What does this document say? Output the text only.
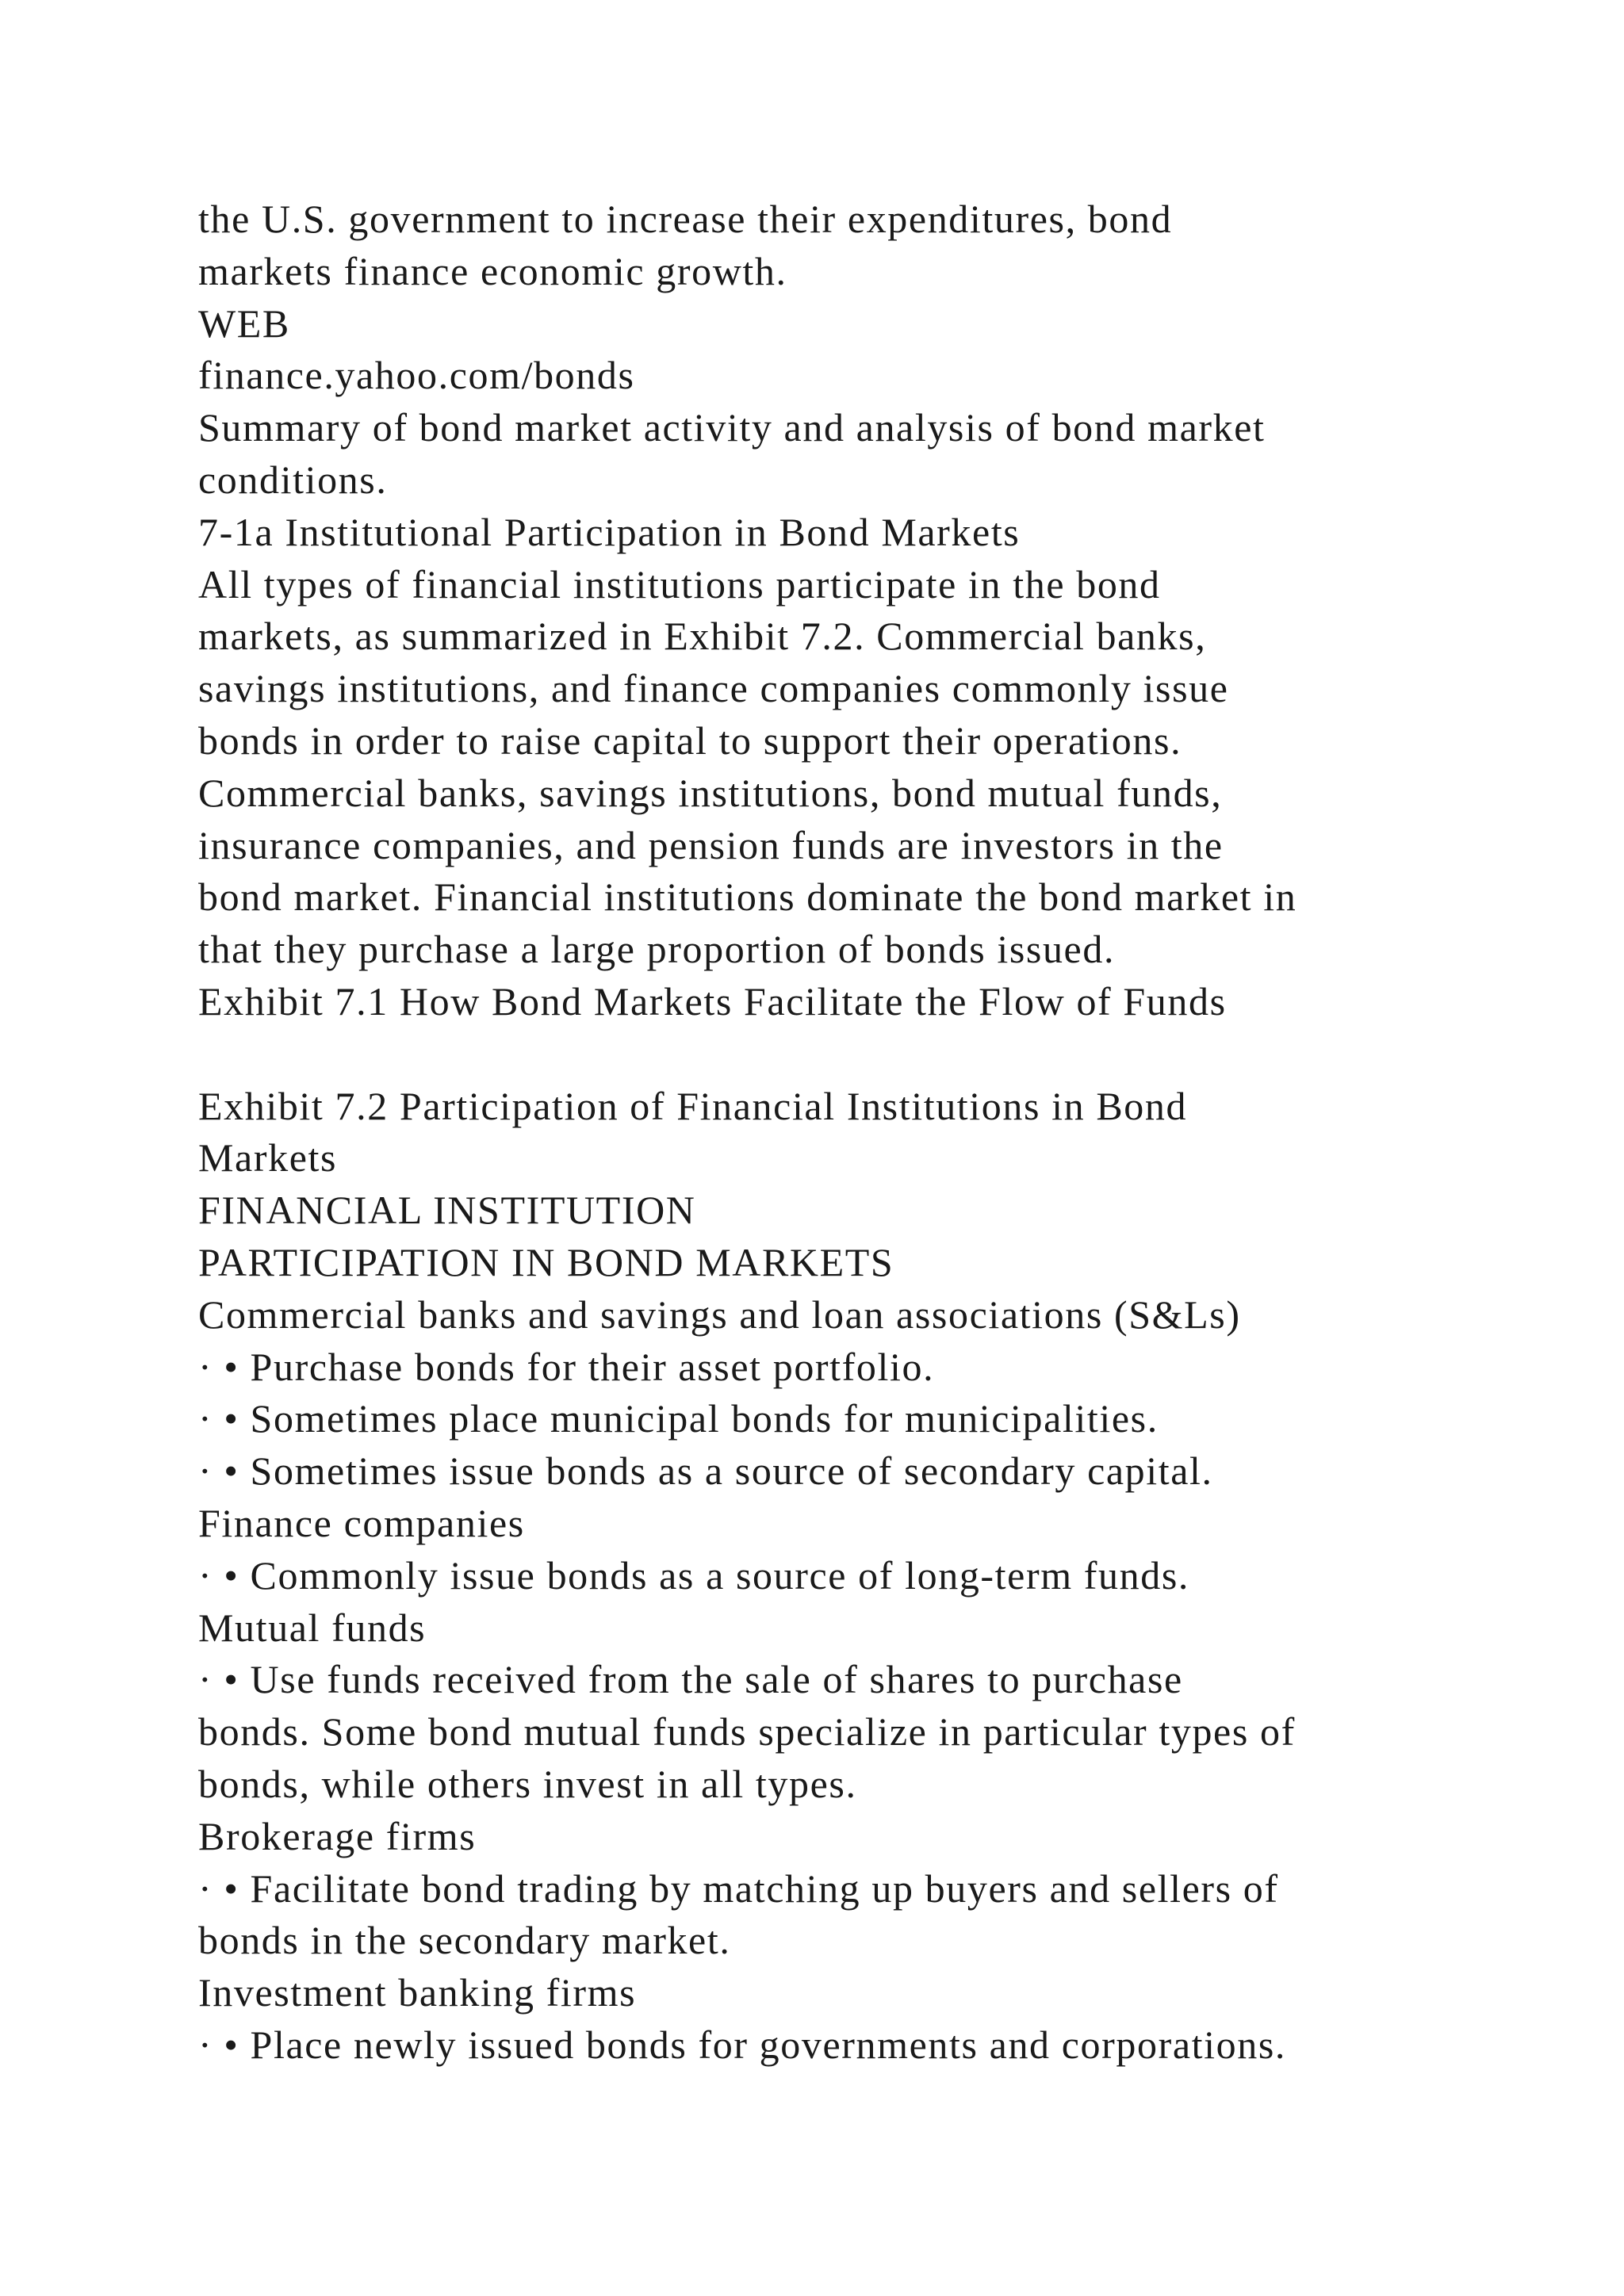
the U.S. government to increase their expenditures, bond
markets finance economic growth.
WEB
finance.yahoo.com/bonds
Summary of bond market activity and analysis of bond market
conditions.
7-1a Institutional Participation in Bond Markets
All types of financial institutions participate in the bond
markets, as summarized in Exhibit 7.2. Commercial banks,
savings institutions, and finance companies commonly issue
bonds in order to raise capital to support their operations.
Commercial banks, savings institutions, bond mutual funds,
insurance companies, and pension funds are investors in the
bond market. Financial institutions dominate the bond market in
that they purchase a large proportion of bonds issued.
Exhibit 7.1 How Bond Markets Facilitate the Flow of Funds
Exhibit 7.2 Participation of Financial Institutions in Bond
Markets
FINANCIAL INSTITUTION
PARTICIPATION IN BOND MARKETS
Commercial banks and savings and loan associations (S&Ls)
· • Purchase bonds for their asset portfolio.
· • Sometimes place municipal bonds for municipalities.
· • Sometimes issue bonds as a source of secondary capital.
Finance companies
· • Commonly issue bonds as a source of long-term funds.
Mutual funds
· • Use funds received from the sale of shares to purchase
bonds. Some bond mutual funds specialize in particular types of
bonds, while others invest in all types.
Brokerage firms
· • Facilitate bond trading by matching up buyers and sellers of
bonds in the secondary market.
Investment banking firms
· • Place newly issued bonds for governments and corporations.
